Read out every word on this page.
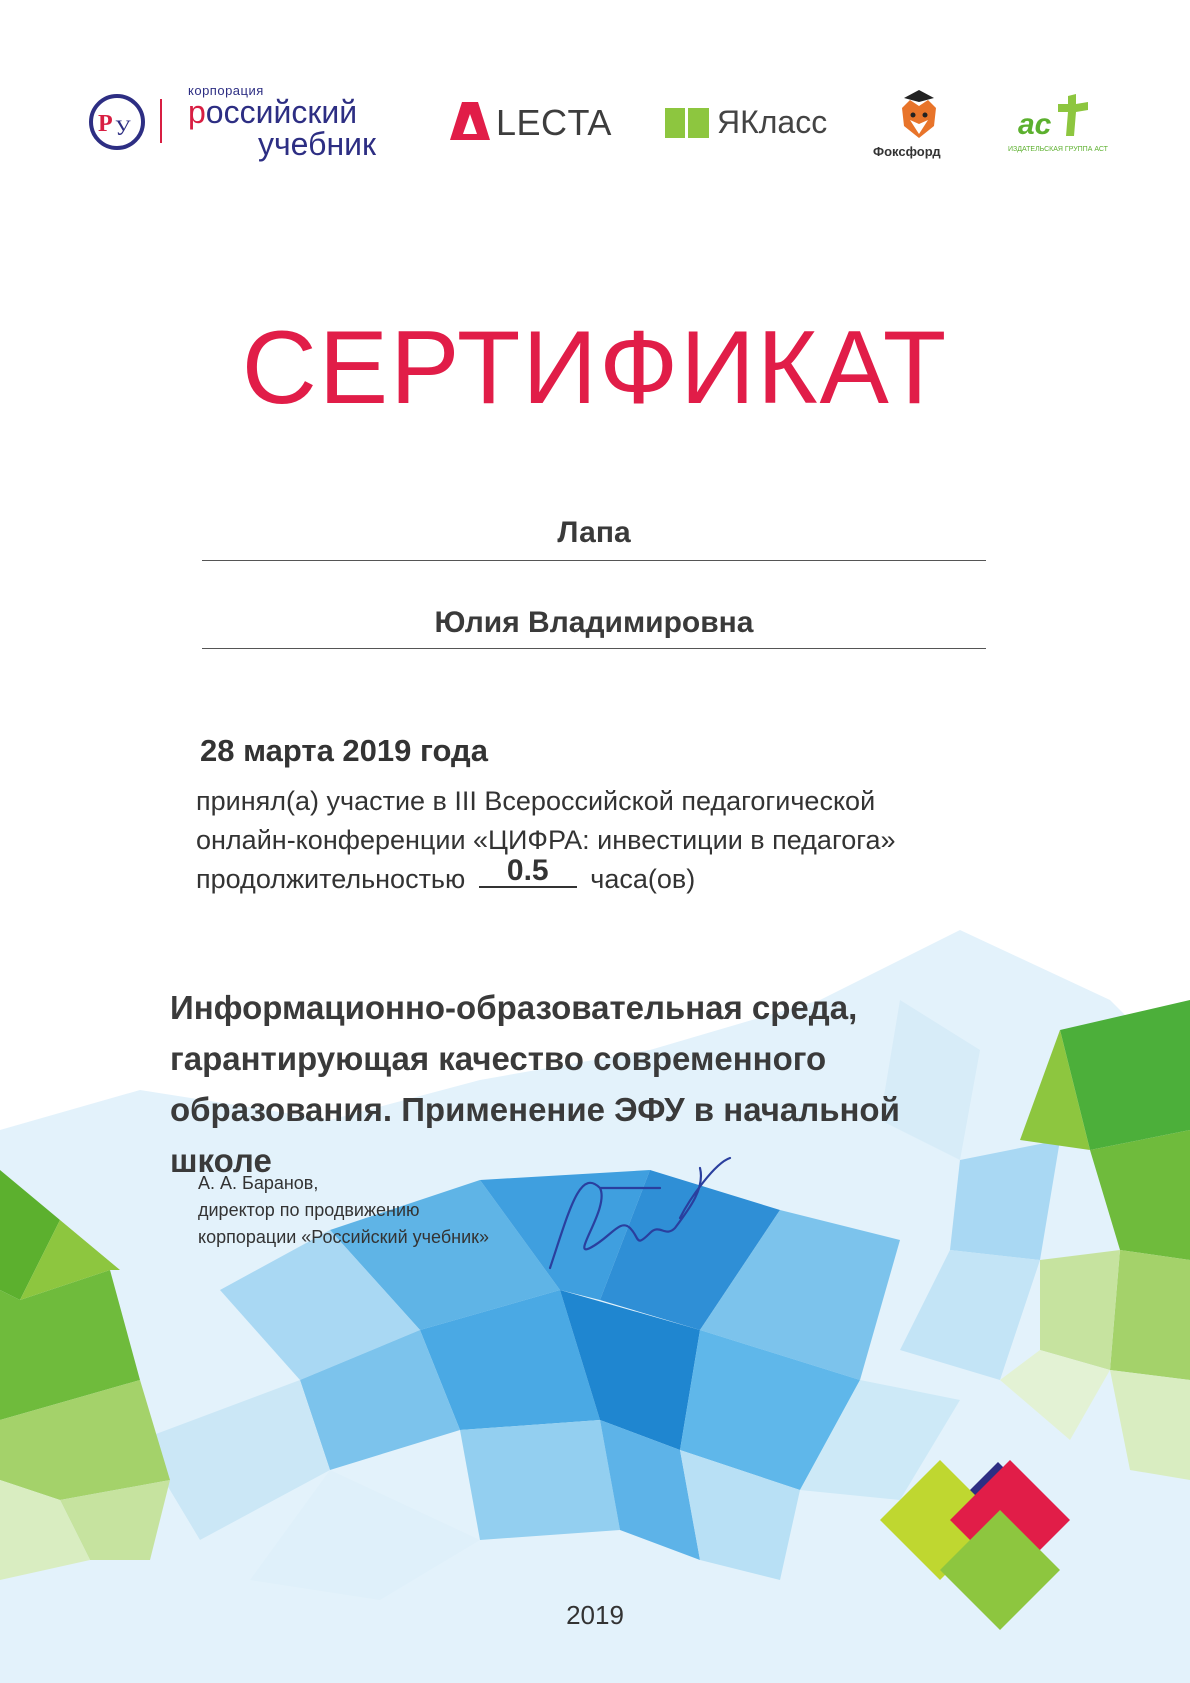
Р У
корпорация
российский
учебник
LECTA	ЯКласс
Фоксфорд
ас
ИЗДАТЕЛЬСКАЯ ГРУППА АСТ
СЕРТИФИКАТ
Лапа
Юлия Владимировна
28 марта 2019 года
принял(а) участие в III Всероссийской педагогической
онлайн-конференции «ЦИФРА: инвестиции в педагога»
продолжительностью	0.5	часа(ов)
Информационно-образовательная среда, гарантирующая качество современного образования. Применение ЭФУ в начальной школе
А. А. Баранов,
директор по продвижению
корпорации «Российский учебник»
2019
